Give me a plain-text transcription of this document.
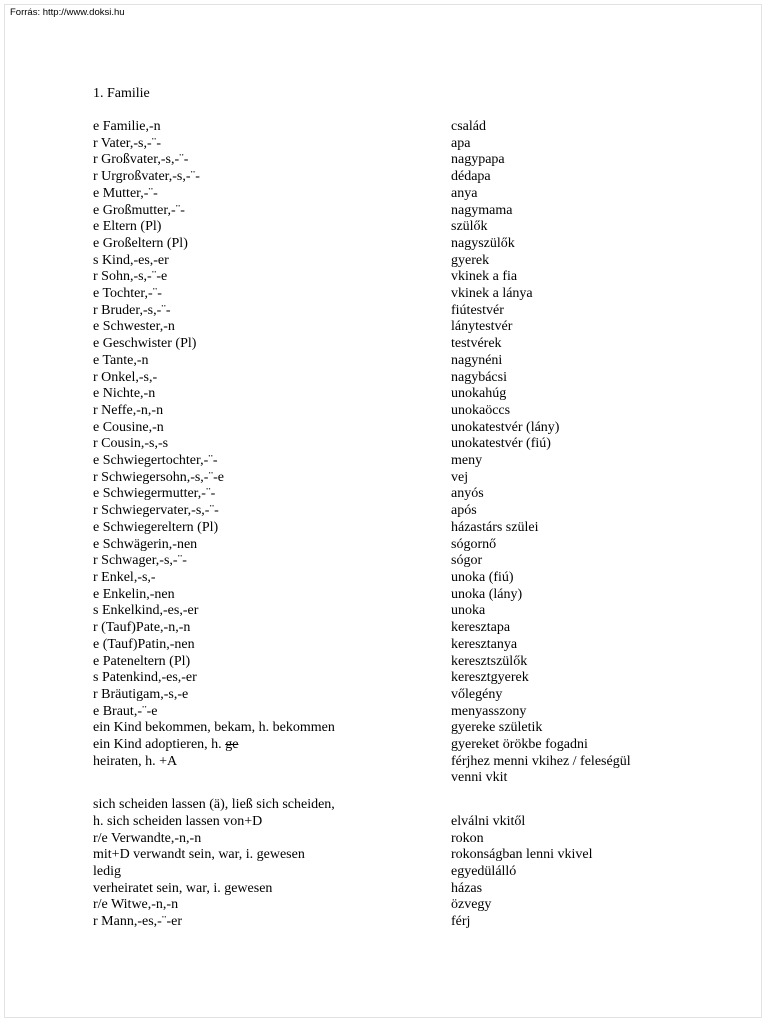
Forrás: http://www.doksi.hu
1. Familie
e Familie,-n	család
r Vater,-s,-¨-	apa
r Großvater,-s,-¨-	nagypapa
r Urgroßvater,-s,-¨-	dédapa
e Mutter,-¨-	anya
e Großmutter,-¨-	nagymama
e Eltern (Pl)	szülők
e Großeltern (Pl)	nagyszülők
s Kind,-es,-er	gyerek
r Sohn,-s,-¨-e	vkinek a fia
e Tochter,-¨-	vkinek a lánya
r Bruder,-s,-¨-	fiútestvér
e Schwester,-n	lánytestvér
e Geschwister (Pl)	testvérek
e Tante,-n	nagynéni
r Onkel,-s,-	nagybácsi
e Nichte,-n	unokahúg
r Neffe,-n,-n	unokaöccs
e Cousine,-n	unokatestvér (lány)
r Cousin,-s,-s	unokatestvér (fiú)
e Schwiegertochter,-¨-	meny
r Schwiegersohn,-s,-¨-e	vej
e Schwiegermutter,-¨-	anyós
r Schwiegervater,-s,-¨-	após
e Schwiegereltern (Pl)	házastárs szülei
e Schwägerin,-nen	sógornő
r Schwager,-s,-¨-	sógor
r Enkel,-s,-	unoka (fiú)
e Enkelin,-nen	unoka (lány)
s Enkelkind,-es,-er	unoka
r (Tauf)Pate,-n,-n	keresztapa
e (Tauf)Patin,-nen	keresztanya
e Pateneltern (Pl)	keresztszülők
s Patenkind,-es,-er	keresztgyerek
r Bräutigam,-s,-e	vőlegény
e Braut,-¨-e	menyasszony
ein Kind bekommen, bekam, h. bekommen	gyereke születik
ein Kind adoptieren, h. ge	gyereket örökbe fogadni
heiraten, h. +A	férjhez menni vkihez / feleségül
venni vkit
sich scheiden lassen (ä), ließ sich scheiden,
h. sich scheiden lassen von+D	elválni vkitől
r/e Verwandte,-n,-n	rokon
mit+D verwandt sein, war, i. gewesen	rokonságban lenni vkivel
ledig	egyedülálló
verheiratet sein, war, i. gewesen	házas
r/e Witwe,-n,-n	özvegy
r Mann,-es,-¨-er	férj
